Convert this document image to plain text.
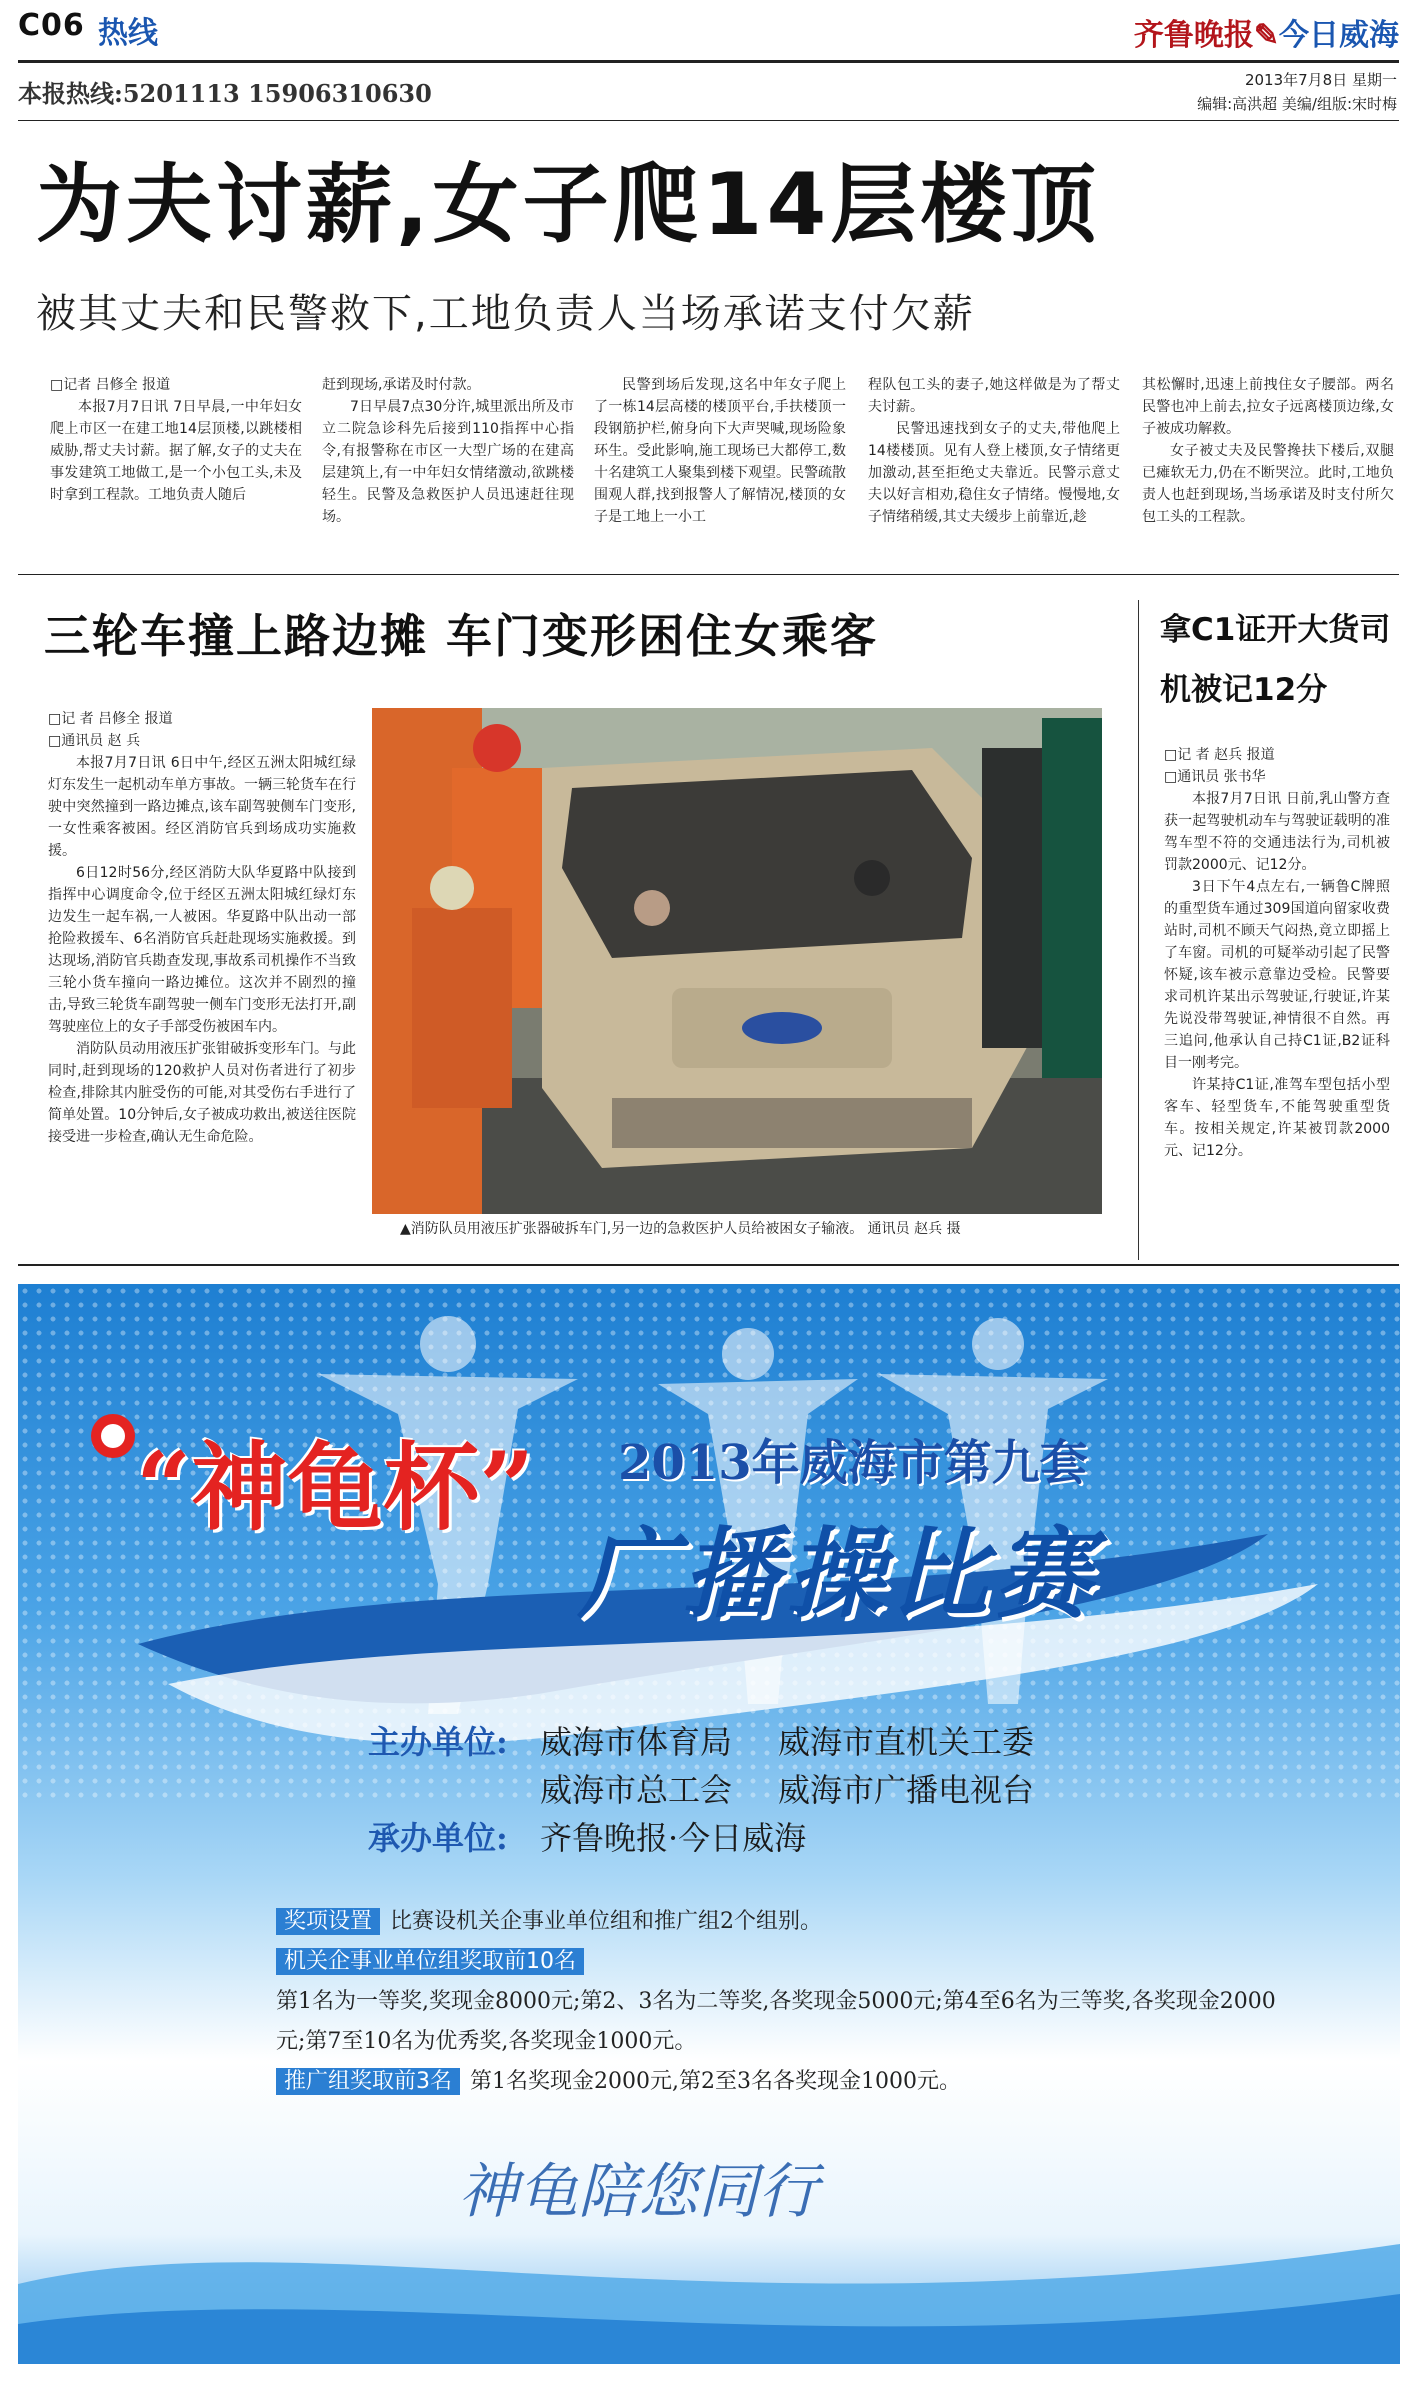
C06 热线	齐鲁晚报✎今日威海
本报热线:5201113 15906310630	2013年7月8日 星期一
编辑:高洪超 美编/组版:宋时梅
为夫讨薪,女子爬14层楼顶
被其丈夫和民警救下,工地负责人当场承诺支付欠薪

□记者 吕修全 报道

本报7月7日讯 7日早晨,一中年妇女爬上市区一在建工地14层顶楼,以跳楼相威胁,帮丈夫讨薪。据了解,女子的丈夫在事发建筑工地做工,是一个小包工头,未及时拿到工程款。工地负责人随后

赶到现场,承诺及时付款。

7日早晨7点30分许,城里派出所及市立二院急诊科先后接到110指挥中心指令,有报警称在市区一大型广场的在建高层建筑上,有一中年妇女情绪激动,欲跳楼轻生。民警及急救医护人员迅速赶往现场。

民警到场后发现,这名中年女子爬上了一栋14层高楼的楼顶平台,手扶楼顶一段钢筋护栏,俯身向下大声哭喊,现场险象环生。受此影响,施工现场已大都停工,数十名建筑工人聚集到楼下观望。民警疏散围观人群,找到报警人了解情况,楼顶的女子是工地上一小工

程队包工头的妻子,她这样做是为了帮丈夫讨薪。

民警迅速找到女子的丈夫,带他爬上14楼楼顶。见有人登上楼顶,女子情绪更加激动,甚至拒绝丈夫靠近。民警示意丈夫以好言相劝,稳住女子情绪。慢慢地,女子情绪稍缓,其丈夫缓步上前靠近,趁

其松懈时,迅速上前拽住女子腰部。两名民警也冲上前去,拉女子远离楼顶边缘,女子被成功解救。

女子被丈夫及民警搀扶下楼后,双腿已瘫软无力,仍在不断哭泣。此时,工地负责人也赶到现场,当场承诺及时支付所欠包工头的工程款。

三轮车撞上路边摊 车门变形困住女乘客

□记 者 吕修全 报道

□通讯员 赵 兵

本报7月7日讯 6日中午,经区五洲太阳城红绿灯东发生一起机动车单方事故。一辆三轮货车在行驶中突然撞到一路边摊点,该车副驾驶侧车门变形,一女性乘客被困。经区消防官兵到场成功实施救援。

6日12时56分,经区消防大队华夏路中队接到指挥中心调度命令,位于经区五洲太阳城红绿灯东边发生一起车祸,一人被困。华夏路中队出动一部抢险救援车、6名消防官兵赶赴现场实施救援。到达现场,消防官兵勘查发现,事故系司机操作不当致三轮小货车撞向一路边摊位。这次并不剧烈的撞击,导致三轮货车副驾驶一侧车门变形无法打开,副驾驶座位上的女子手部受伤被困车内。

消防队员动用液压扩张钳破拆变形车门。与此同时,赶到现场的120救护人员对伤者进行了初步检查,排除其内脏受伤的可能,对其受伤右手进行了简单处置。10分钟后,女子被成功救出,被送往医院接受进一步检查,确认无生命危险。

▲消防队员用液压扩张器破拆车门,另一边的急救医护人员给被困女子输液。 通讯员 赵兵 摄
拿C1证开大货司机被记12分

□记 者 赵兵 报道

□通讯员 张书华

本报7月7日讯 日前,乳山警方查获一起驾驶机动车与驾驶证载明的准驾车型不符的交通违法行为,司机被罚款2000元、记12分。

3日下午4点左右,一辆鲁C牌照的重型货车通过309国道向留家收费站时,司机不顾天气闷热,竟立即摇上了车窗。司机的可疑举动引起了民警怀疑,该车被示意靠边受检。民警要求司机许某出示驾驶证,行驶证,许某先说没带驾驶证,神情很不自然。再三追问,他承认自己持C1证,B2证科目一刚考完。

许某持C1证,准驾车型包括小型客车、轻型货车,不能驾驶重型货车。按相关规定,许某被罚款2000元、记12分。

“神龟杯” 2013年威海市第九套
广播操比赛
主办单位: 威海市体育局 威海市直机关工委
威海市总工会 威海市广播电视台
承办单位: 齐鲁晚报·今日威海
奖项设置 比赛设机关企事业单位组和推广组2个组别。
机关企事业单位组奖取前10名
第1名为一等奖,奖现金8000元;第2、3名为二等奖,各奖现金5000元;第4至6名为三等奖,各奖现金2000元;第7至10名为优秀奖,各奖现金1000元。
推广组奖取前3名 第1名奖现金2000元,第2至3名各奖现金1000元。
神龟陪您同行
